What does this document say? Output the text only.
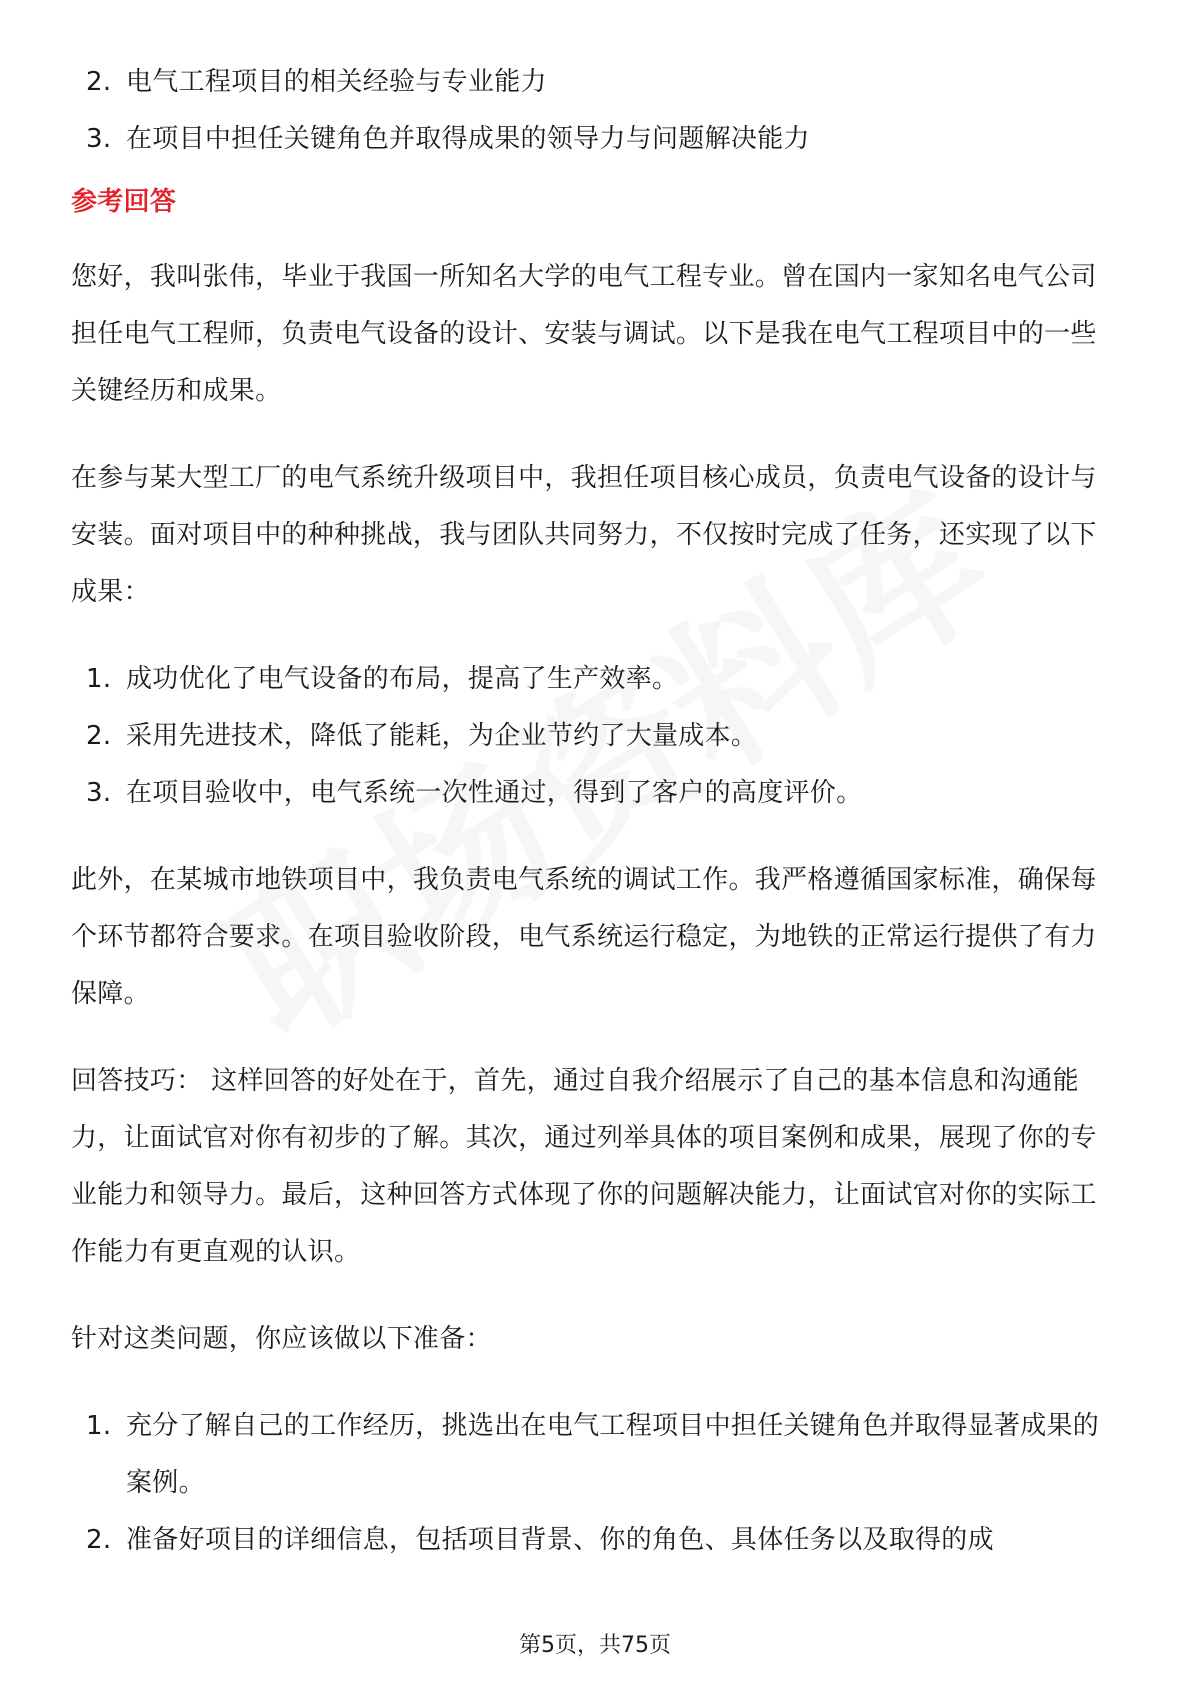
2. 电气工程项目的相关经验与专业能力
3. 在项目中担任关键角色并取得成果的领导力与问题解决能力
参考回答

您好，我叫张伟，毕业于我国一所知名大学的电气工程专业。曾在国内一家知名电气公司担任电气工程师，负责电气设备的设计、安装与调试。以下是我在电气工程项目中的一些关键经历和成果。

在参与某大型工厂的电气系统升级项目中，我担任项目核心成员，负责电气设备的设计与安装。面对项目中的种种挑战，我与团队共同努力，不仅按时完成了任务，还实现了以下成果：

1. 成功优化了电气设备的布局，提高了生产效率。
2. 采用先进技术，降低了能耗，为企业节约了大量成本。
3. 在项目验收中，电气系统一次性通过，得到了客户的高度评价。

此外，在某城市地铁项目中，我负责电气系统的调试工作。我严格遵循国家标准，确保每个环节都符合要求。在项目验收阶段，电气系统运行稳定，为地铁的正常运行提供了有力保障。

回答技巧： 这样回答的好处在于，首先，通过自我介绍展示了自己的基本信息和沟通能力，让面试官对你有初步的了解。其次，通过列举具体的项目案例和成果，展现了你的专业能力和领导力。最后，这种回答方式体现了你的问题解决能力，让面试官对你的实际工作能力有更直观的认识。

针对这类问题，你应该做以下准备：

1. 充分了解自己的工作经历，挑选出在电气工程项目中担任关键角色并取得显著成果的案例。
2. 准备好项目的详细信息，包括项目背景、你的角色、具体任务以及取得的成
第5页，共75页
